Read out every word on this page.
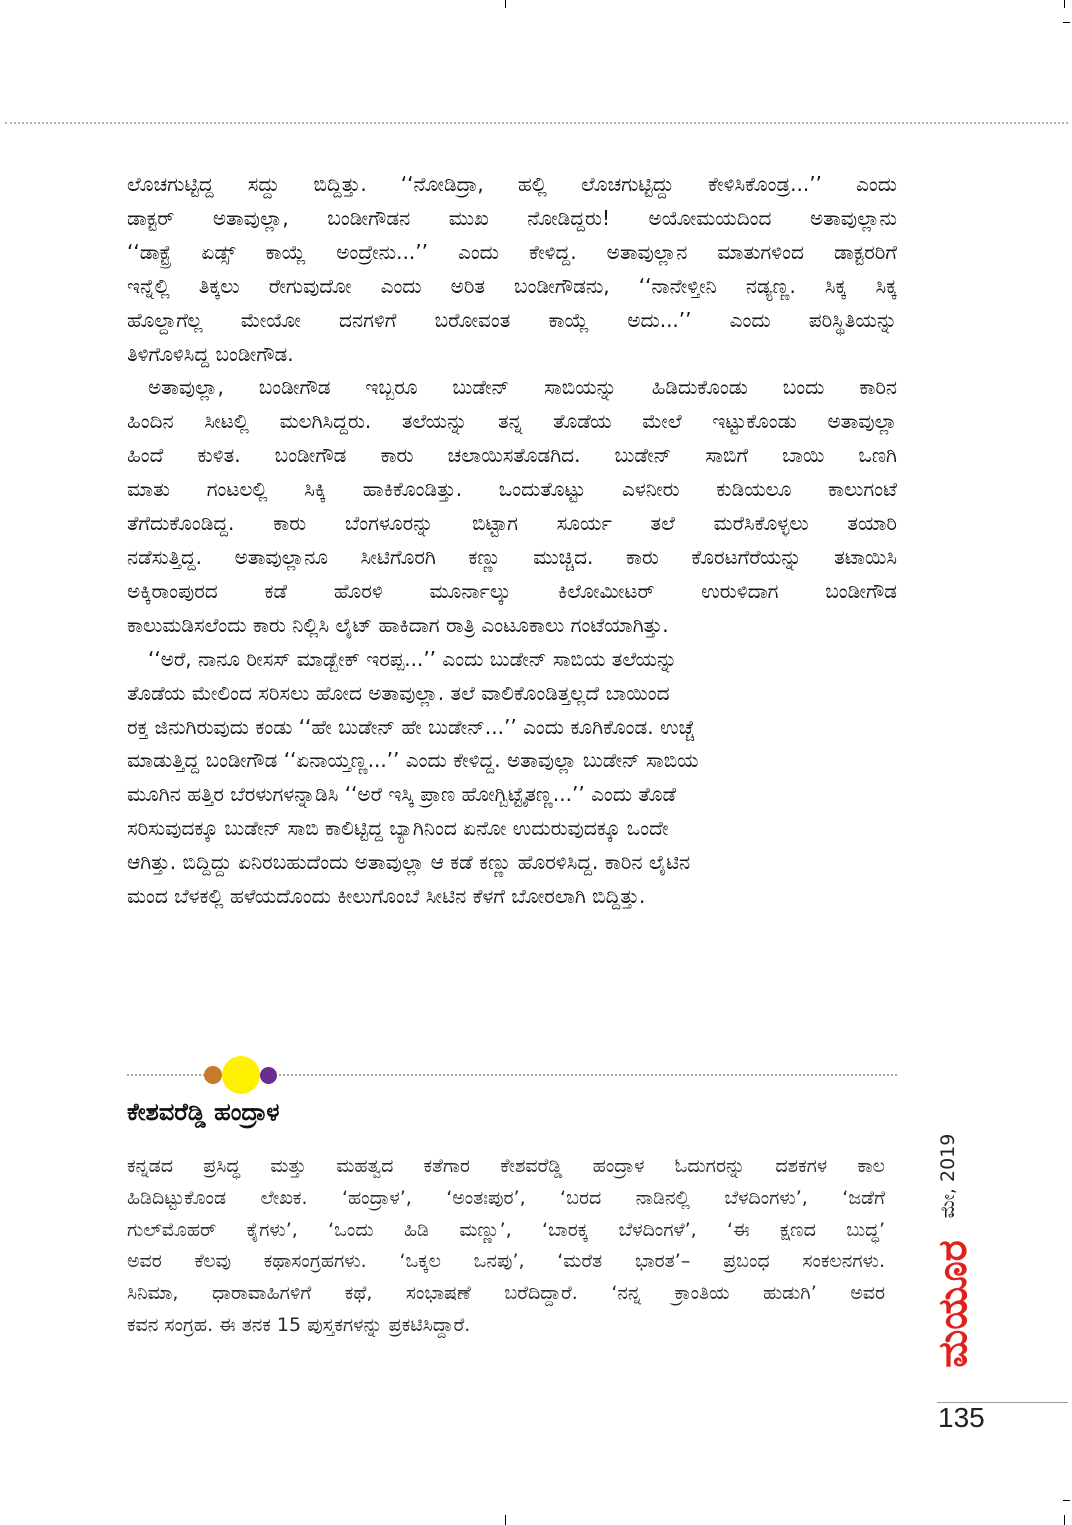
ಲೊಚಗುಟ್ಟಿದ್ದ ಸದ್ದು ಬಿದ್ದಿತ್ತು. ‘‘ನೋಡಿದ್ರಾ, ಹಲ್ಲಿ ಲೊಚಗುಟ್ಟಿದ್ದು ಕೇಳಿಸಿಕೊಂಡ್ರ...’’ ಎಂದು
ಡಾಕ್ಟರ್ ಅತಾವುಲ್ಲಾ, ಬಂಡೀಗೌಡನ ಮುಖ ನೋಡಿದ್ದರು! ಅಯೋಮಯದಿಂದ ಅತಾವುಲ್ಲಾನು
‘‘ಡಾಕ್ಟ್ರೆ ಏಡ್ಸ್ ಕಾಯ್ಲೆ ಅಂದ್ರೇನು...’’ ಎಂದು ಕೇಳಿದ್ದ. ಅತಾವುಲ್ಲಾನ ಮಾತುಗಳಿಂದ ಡಾಕ್ಟರರಿಗೆ
ಇನ್ನೆಲ್ಲಿ ತಿಕ್ಕಲು ರೇಗುವುದೋ ಎಂದು ಅರಿತ ಬಂಡೀಗೌಡನು, ‘‘ನಾನೇಳ್ತೀನಿ ನಡ್ಯಣ್ಣ. ಸಿಕ್ಕ ಸಿಕ್ಕ
ಹೊಲ್ದಾಗೆಲ್ಲ ಮೇಯೋ ದನಗಳಿಗೆ ಬರೋವಂತ ಕಾಯ್ಲೆ ಅದು...’’ ಎಂದು ಪರಿಸ್ಥಿತಿಯನ್ನು
ತಿಳಿಗೊಳಿಸಿದ್ದ ಬಂಡೀಗೌಡ.
ಅತಾವುಲ್ಲಾ, ಬಂಡೀಗೌಡ ಇಬ್ಬರೂ ಬುಡೇನ್ ಸಾಬಿಯನ್ನು ಹಿಡಿದುಕೊಂಡು ಬಂದು ಕಾರಿನ
ಹಿಂದಿನ ಸೀಟಲ್ಲಿ ಮಲಗಿಸಿದ್ದರು. ತಲೆಯನ್ನು ತನ್ನ ತೊಡೆಯ ಮೇಲೆ ಇಟ್ಟುಕೊಂಡು ಅತಾವುಲ್ಲಾ
ಹಿಂದೆ ಕುಳಿತ. ಬಂಡೀಗೌಡ ಕಾರು ಚಲಾಯಿಸತೊಡಗಿದ. ಬುಡೇನ್ ಸಾಬಿಗೆ ಬಾಯಿ ಒಣಗಿ
ಮಾತು ಗಂಟಲಲ್ಲಿ ಸಿಕ್ಕಿ ಹಾಕಿಕೊಂಡಿತ್ತು. ಒಂದುತೊಟ್ಟು ಎಳನೀರು ಕುಡಿಯಲೂ ಕಾಲುಗಂಟೆ
ತೆಗೆದುಕೊಂಡಿದ್ದ. ಕಾರು ಬೆಂಗಳೂರನ್ನು ಬಿಟ್ಟಾಗ ಸೂರ್ಯ ತಲೆ ಮರೆಸಿಕೊಳ್ಳಲು ತಯಾರಿ
ನಡೆಸುತ್ತಿದ್ದ. ಅತಾವುಲ್ಲಾನೂ ಸೀಟಿಗೊರಗಿ ಕಣ್ಣು ಮುಚ್ಚಿದ. ಕಾರು ಕೊರಟಗೆರೆಯನ್ನು ತಟಾಯಿಸಿ
ಅಕ್ಕಿರಾಂಪುರದ ಕಡೆ ಹೊರಳಿ ಮೂರ್ನಾಲ್ಕು ಕಿಲೋಮೀಟರ್ ಉರುಳಿದಾಗ ಬಂಡೀಗೌಡ
ಕಾಲುಮಡಿಸಲೆಂದು ಕಾರು ನಿಲ್ಲಿಸಿ ಲೈಟ್ ಹಾಕಿದಾಗ ರಾತ್ರಿ ಎಂಟೂಕಾಲು ಗಂಟೆಯಾಗಿತ್ತು.
‘‘ಅರೆ, ನಾನೂ ರೀಸಸ್ ಮಾಡ್ಬೇಕ್ ಇರಪ್ಪ...’’ ಎಂದು ಬುಡೇನ್ ಸಾಬಿಯ ತಲೆಯನ್ನು
ತೊಡೆಯ ಮೇಲಿಂದ ಸರಿಸಲು ಹೋದ ಅತಾವುಲ್ಲಾ. ತಲೆ ವಾಲಿಕೊಂಡಿತ್ತಲ್ಲದೆ ಬಾಯಿಂದ
ರಕ್ತ ಜಿನುಗಿರುವುದು ಕಂಡು ‘‘ಹೇ ಬುಡೇನ್ ಹೇ ಬುಡೇನ್...’’ ಎಂದು ಕೂಗಿಕೊಂಡ. ಉಚ್ಚೆ
ಮಾಡುತ್ತಿದ್ದ ಬಂಡೀಗೌಡ ‘‘ಏನಾಯ್ತಣ್ಣ...’’ ಎಂದು ಕೇಳಿದ್ದ. ಅತಾವುಲ್ಲಾ ಬುಡೇನ್ ಸಾಬಿಯ
ಮೂಗಿನ ಹತ್ತಿರ ಬೆರಳುಗಳನ್ನಾಡಿಸಿ ‘‘ಅರೆ ಇಸ್ಕಿ ಪ್ರಾಣ ಹೋಗ್ಬಿಟ್ಟೈತಣ್ಣ...’’ ಎಂದು ತೊಡೆ
ಸರಿಸುವುದಕ್ಕೂ ಬುಡೇನ್ ಸಾಬಿ ಕಾಲಿಟ್ಟಿದ್ದ ಬ್ಯಾಗಿನಿಂದ ಏನೋ ಉದುರುವುದಕ್ಕೂ ಒಂದೇ
ಆಗಿತ್ತು. ಬಿದ್ದಿದ್ದು ಏನಿರಬಹುದೆಂದು ಅತಾವುಲ್ಲಾ ಆ ಕಡೆ ಕಣ್ಣು ಹೊರಳಿಸಿದ್ದ. ಕಾರಿನ ಲೈಟಿನ
ಮಂದ ಬೆಳಕಲ್ಲಿ ಹಳೆಯದೊಂದು ಕೀಲುಗೊಂಬೆ ಸೀಟಿನ ಕೆಳಗೆ ಬೋರಲಾಗಿ ಬಿದ್ದಿತ್ತು.
ಕೇಶವರೆಡ್ಡಿ ಹಂದ್ರಾಳ
ಕನ್ನಡದ ಪ್ರಸಿದ್ಧ ಮತ್ತು ಮಹತ್ವದ ಕತೆಗಾರ ಕೇಶವರೆಡ್ಡಿ ಹಂದ್ರಾಳ ಓದುಗರನ್ನು ದಶಕಗಳ ಕಾಲ
ಹಿಡಿದಿಟ್ಟುಕೊಂಡ ಲೇಖಕ. ‘ಹಂದ್ರಾಳ’, ‘ಅಂತಃಪುರ’, ‘ಬರದ ನಾಡಿನಲ್ಲಿ ಬೆಳದಿಂಗಳು’, ‘ಜಡೆಗೆ
ಗುಲ್‌ಮೊಹರ್ ಕೈಗಳು’, ‘ಒಂದು ಹಿಡಿ ಮಣ್ಣು’, ‘ಬಾರಕ್ಕ ಬೆಳದಿಂಗಳೆ’, ‘ಈ ಕ್ಷಣದ ಬುದ್ಧ’
ಅವರ ಕೆಲವು ಕಥಾಸಂಗ್ರಹಗಳು. ‘ಒಕ್ಕಲ ಒನಪು’, ‘ಮರೆತ ಭಾರತ’– ಪ್ರಬಂಧ ಸಂಕಲನಗಳು.
ಸಿನಿಮಾ, ಧಾರಾವಾಹಿಗಳಿಗೆ ಕಥೆ, ಸಂಭಾಷಣೆ ಬರೆದಿದ್ದಾರೆ. ‘ನನ್ನ ಕ್ರಾಂತಿಯ ಹುಡುಗಿ’ ಅವರ
ಕವನ ಸಂಗ್ರಹ. ಈ ತನಕ 15 ಪುಸ್ತಕಗಳನ್ನು ಪ್ರಕಟಿಸಿದ್ದಾರೆ.
ಮೇ, 2019
ಮಯೂರ
135
